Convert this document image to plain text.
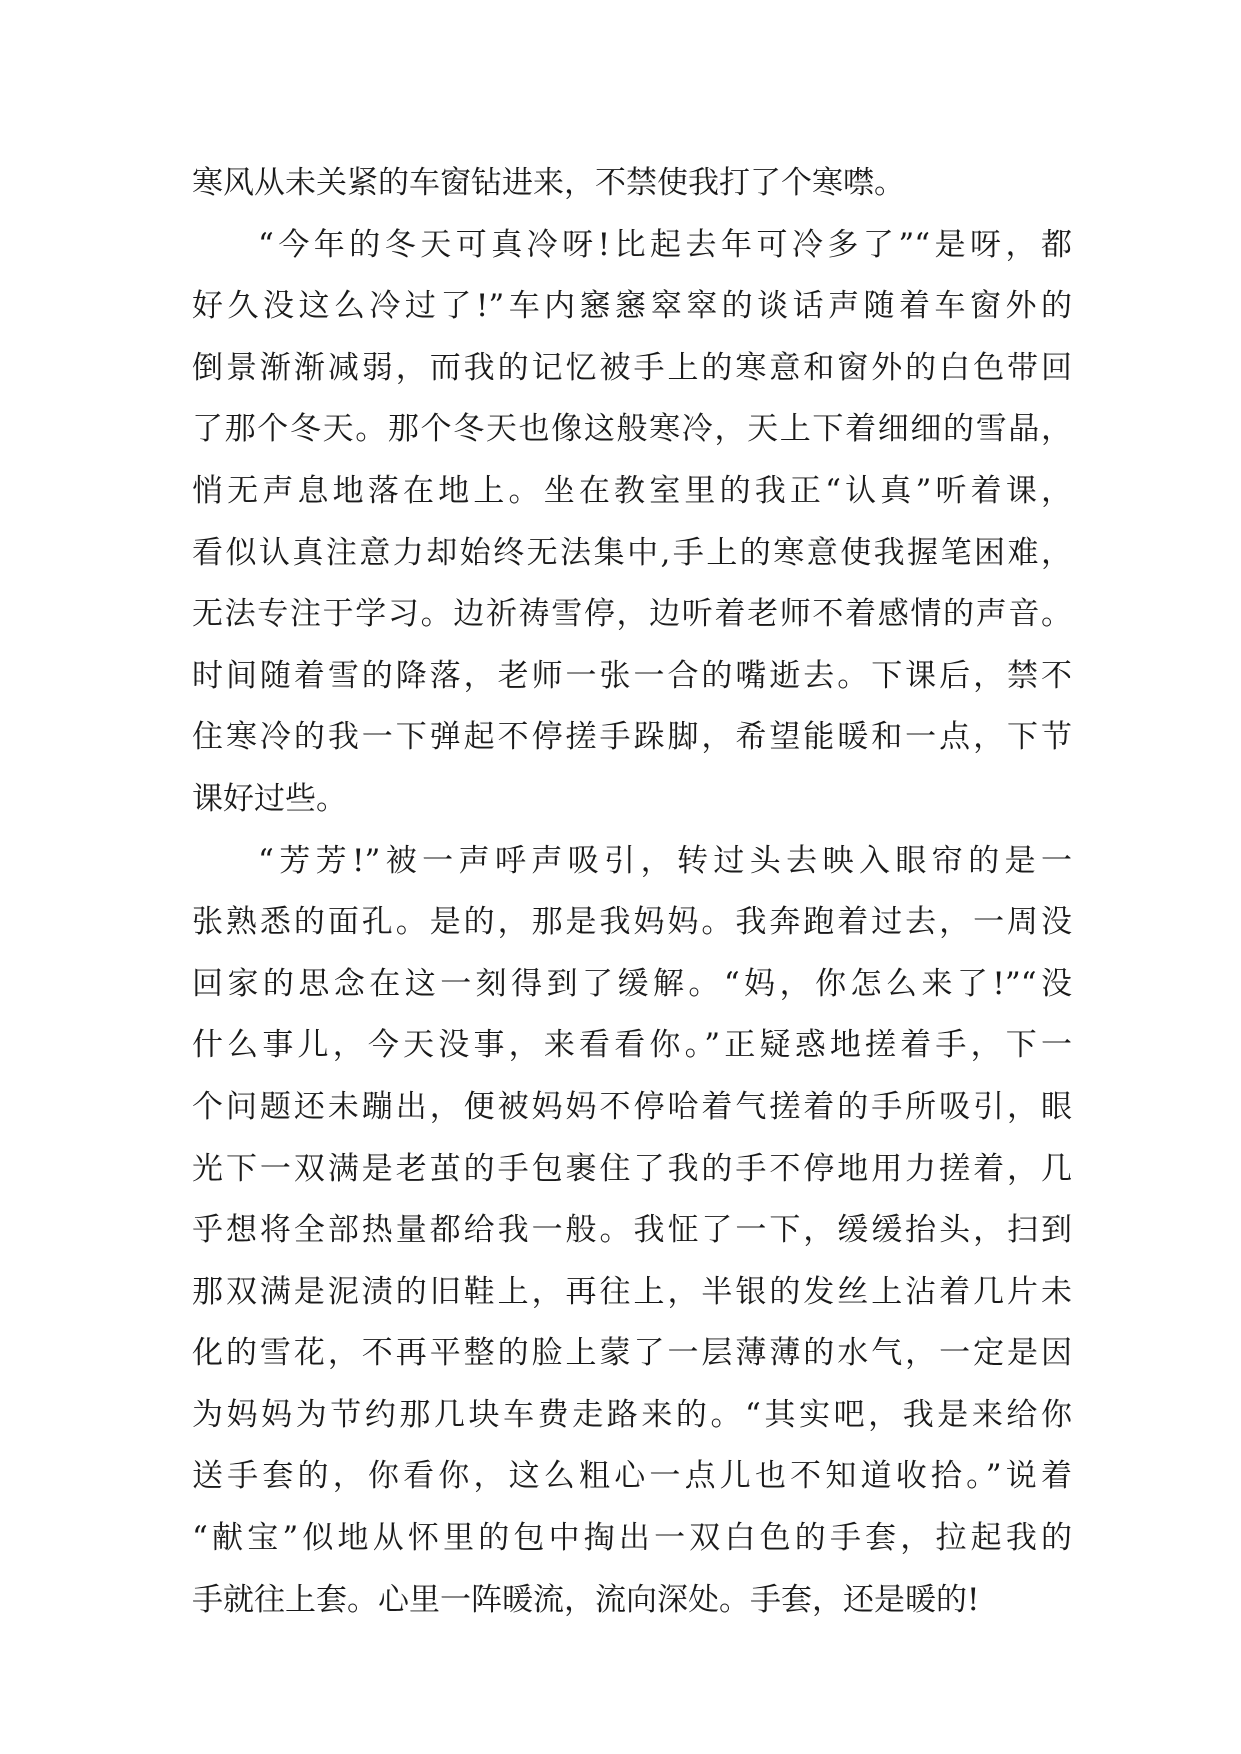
寒风从未关紧的车窗钻进来，不禁使我打了个寒噤。
“今年的冬天可真冷呀!比起去年可冷多了”“是呀，都
好久没这么冷过了!”车内窸窸窣窣的谈话声随着车窗外的
倒景渐渐减弱，而我的记忆被手上的寒意和窗外的白色带回
了那个冬天。那个冬天也像这般寒冷，天上下着细细的雪晶，
悄无声息地落在地上。坐在教室里的我正“认真”听着课，
看似认真注意力却始终无法集中,手上的寒意使我握笔困难，
无法专注于学习。边祈祷雪停，边听着老师不着感情的声音。
时间随着雪的降落，老师一张一合的嘴逝去。下课后，禁不
住寒冷的我一下弹起不停搓手跺脚，希望能暖和一点，下节
课好过些。
“芳芳!”被一声呼声吸引，转过头去映入眼帘的是一
张熟悉的面孔。是的，那是我妈妈。我奔跑着过去，一周没
回家的思念在这一刻得到了缓解。“妈，你怎么来了!”“没
什么事儿，今天没事，来看看你。”正疑惑地搓着手，下一
个问题还未蹦出，便被妈妈不停哈着气搓着的手所吸引，眼
光下一双满是老茧的手包裹住了我的手不停地用力搓着，几
乎想将全部热量都给我一般。我怔了一下，缓缓抬头，扫到
那双满是泥渍的旧鞋上，再往上，半银的发丝上沾着几片未
化的雪花，不再平整的脸上蒙了一层薄薄的水气，一定是因
为妈妈为节约那几块车费走路来的。“其实吧，我是来给你
送手套的，你看你，这么粗心一点儿也不知道收拾。”说着
“献宝”似地从怀里的包中掏出一双白色的手套，拉起我的
手就往上套。心里一阵暖流，流向深处。手套，还是暖的!
